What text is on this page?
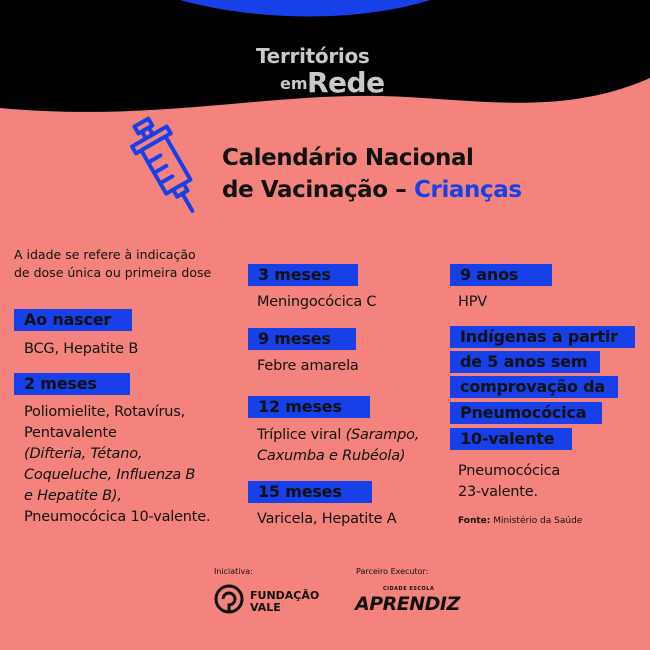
Territórios
em Rede
Calendário Nacional
de Vacinação – Crianças
A idade se refere à indicação
de dose única ou primeira dose
Ao nascer
BCG, Hepatite B
2 meses
Poliomielite, Rotavírus,
Pentavalente
(Difteria, Tétano,
Coqueluche, Influenza B
e Hepatite B),
Pneumocócica 10-valente.
3 meses
Meningocócica C
9 meses
Febre amarela
12 meses
Tríplice viral (Sarampo,
Caxumba e Rubéola)
15 meses
Varicela, Hepatite A
9 anos
HPV
Indígenas a partir
de 5 anos sem
comprovação da
Pneumocócica
10-valente
Pneumocócica
23-valente.
Fonte: Ministério da Saúde
Iniciativa:	Parceiro Executor:
FUNDAÇÃO
VALE
CIDADE ESCOLA
APRENDIZ
